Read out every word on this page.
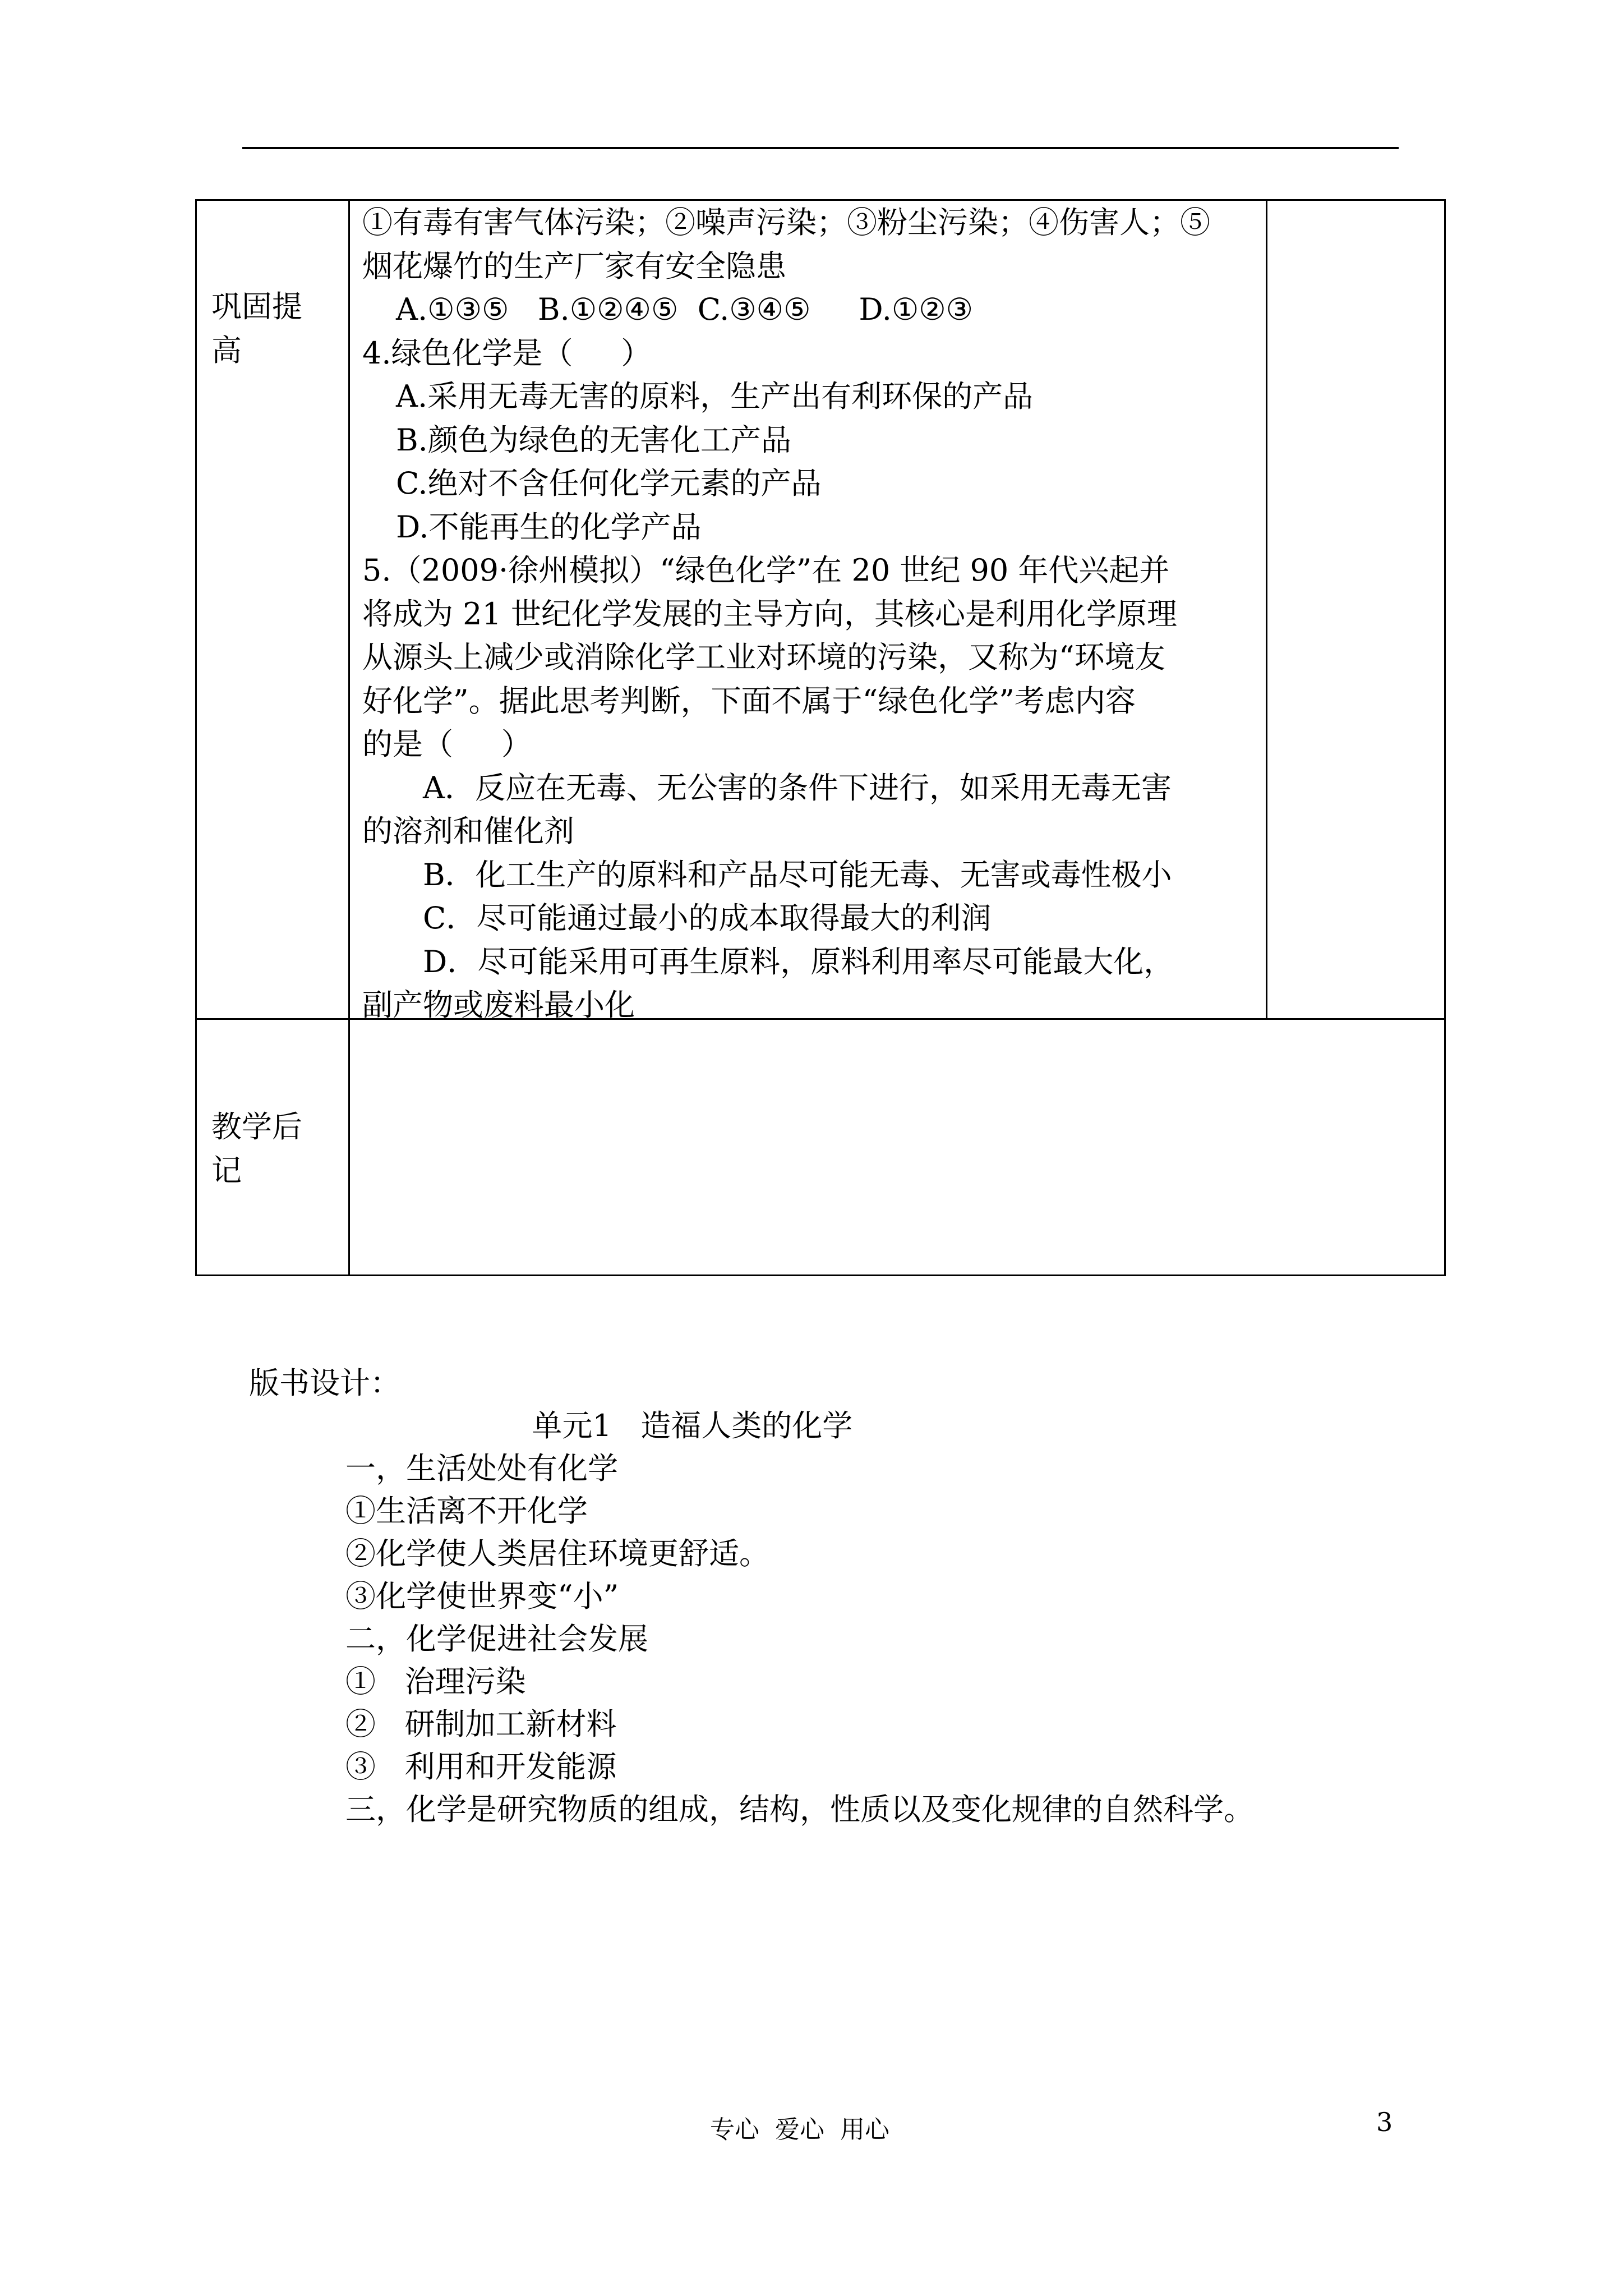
巩固提高

①有毒有害气体污染；②噪声污染；③粉尘污染；④伤害人；⑤

烟花爆竹的生产厂家有安全隐患

A.①③⑤   B.①②④⑤  C.③④⑤     D.①②③

4.绿色化学是（     ）

A.采用无毒无害的原料，生产出有利环保的产品

B.颜色为绿色的无害化工产品

C.绝对不含任何化学元素的产品

D.不能再生的化学产品

5.（2009·徐州模拟）“绿色化学”在 20 世纪 90 年代兴起并

将成为 21 世纪化学发展的主导方向，其核心是利用化学原理

从源头上减少或消除化学工业对环境的污染，又称为“环境友

好化学”。据此思考判断，下面不属于“绿色化学”考虑内容

的是（     ）

A．反应在无毒、无公害的条件下进行，如采用无毒无害

的溶剂和催化剂

B．化工生产的原料和产品尽可能无毒、无害或毒性极小

C．尽可能通过最小的成本取得最大的利润

D．尽可能采用可再生原料，原料利用率尽可能最大化，

副产物或废料最小化

教学后记
版书设计：

单元1   造福人类的化学

一，生活处处有化学
①生活离不开化学
②化学使人类居住环境更舒适。
③化学使世界变“小”
二，化学促进社会发展
①   治理污染
②   研制加工新材料
③   利用和开发能源
三，化学是研究物质的组成，结构，性质以及变化规律的自然科学。
专心  爱心  用心	3
